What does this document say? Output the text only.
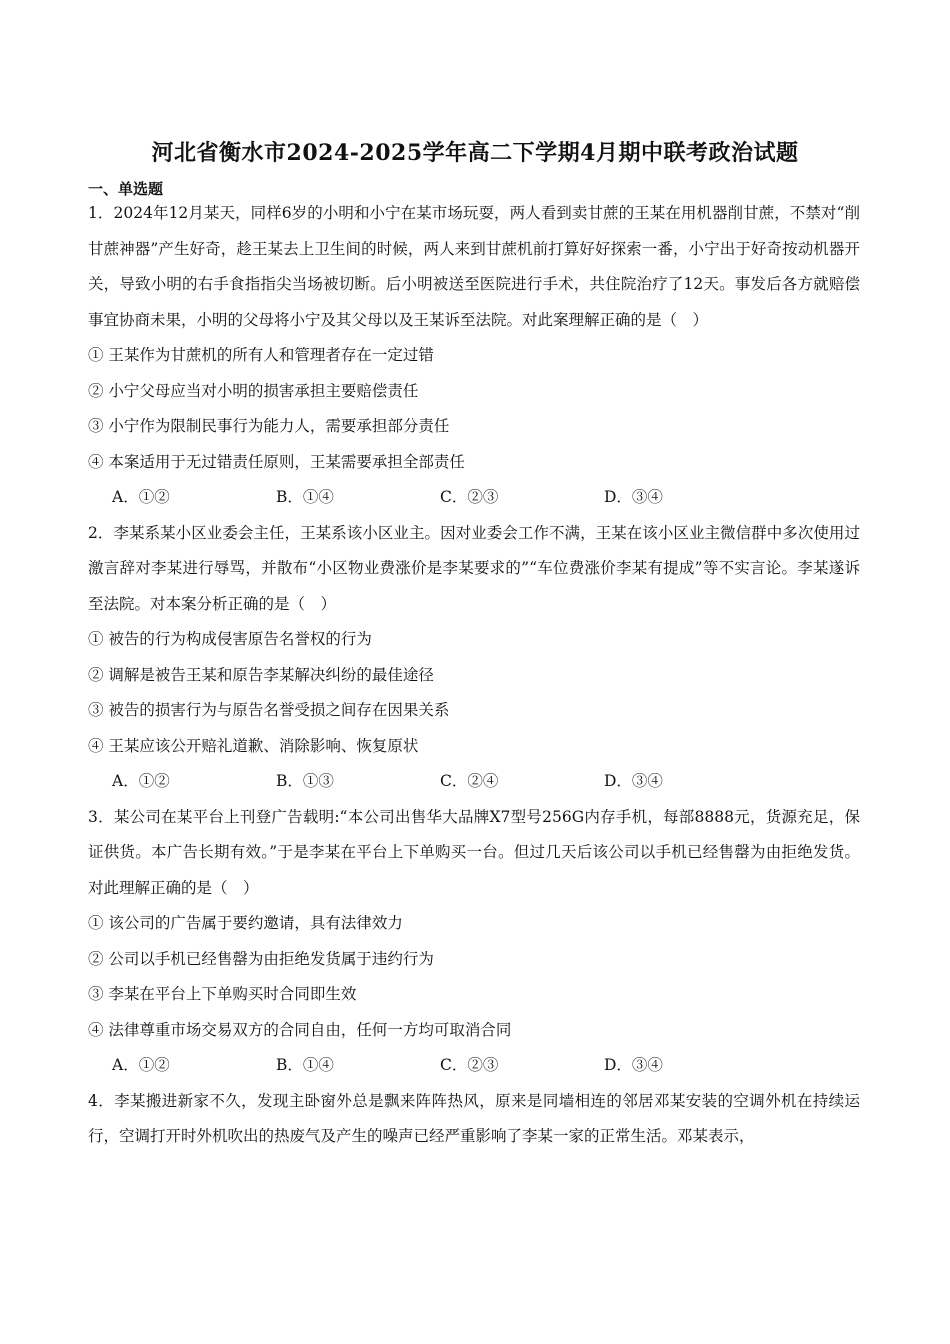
河北省衡水市2024-2025学年高二下学期4月期中联考政治试题
一、单选题

1．2024年12月某天，同样6岁的小明和小宁在某市场玩耍，两人看到卖甘蔗的王某在用机器削甘蔗，不禁对“削甘蔗神器”产生好奇，趁王某去上卫生间的时候，两人来到甘蔗机前打算好好探索一番，小宁出于好奇按动机器开关，导致小明的右手食指指尖当场被切断。后小明被送至医院进行手术，共住院治疗了12天。事发后各方就赔偿事宜协商未果，小明的父母将小宁及其父母以及王某诉至法院。对此案理解正确的是（　）

① 王某作为甘蔗机的所有人和管理者存在一定过错

② 小宁父母应当对小明的损害承担主要赔偿责任

③ 小宁作为限制民事行为能力人，需要承担部分责任

④ 本案适用于无过错责任原则，王某需要承担全部责任

A．①②	B．①④	C．②③	D．③④

2．李某系某小区业委会主任，王某系该小区业主。因对业委会工作不满，王某在该小区业主微信群中多次使用过激言辞对李某进行辱骂，并散布“小区物业费涨价是李某要求的”“车位费涨价李某有提成”等不实言论。李某遂诉至法院。对本案分析正确的是（　）

① 被告的行为构成侵害原告名誉权的行为

② 调解是被告王某和原告李某解决纠纷的最佳途径

③ 被告的损害行为与原告名誉受损之间存在因果关系

④ 王某应该公开赔礼道歉、消除影响、恢复原状

A．①②	B．①③	C．②④	D．③④

3．某公司在某平台上刊登广告载明:“本公司出售华大品牌X7型号256G内存手机，每部8888元，货源充足，保证供货。本广告长期有效。”于是李某在平台上下单购买一台。但过几天后该公司以手机已经售罄为由拒绝发货。对此理解正确的是（　）

① 该公司的广告属于要约邀请，具有法律效力

② 公司以手机已经售罄为由拒绝发货属于违约行为

③ 李某在平台上下单购买时合同即生效

④ 法律尊重市场交易双方的合同自由，任何一方均可取消合同

A．①②	B．①④	C．②③	D．③④

4．李某搬进新家不久，发现主卧窗外总是飘来阵阵热风，原来是同墙相连的邻居邓某安装的空调外机在持续运行，空调打开时外机吹出的热废气及产生的噪声已经严重影响了李某一家的正常生活。邓某表示，
